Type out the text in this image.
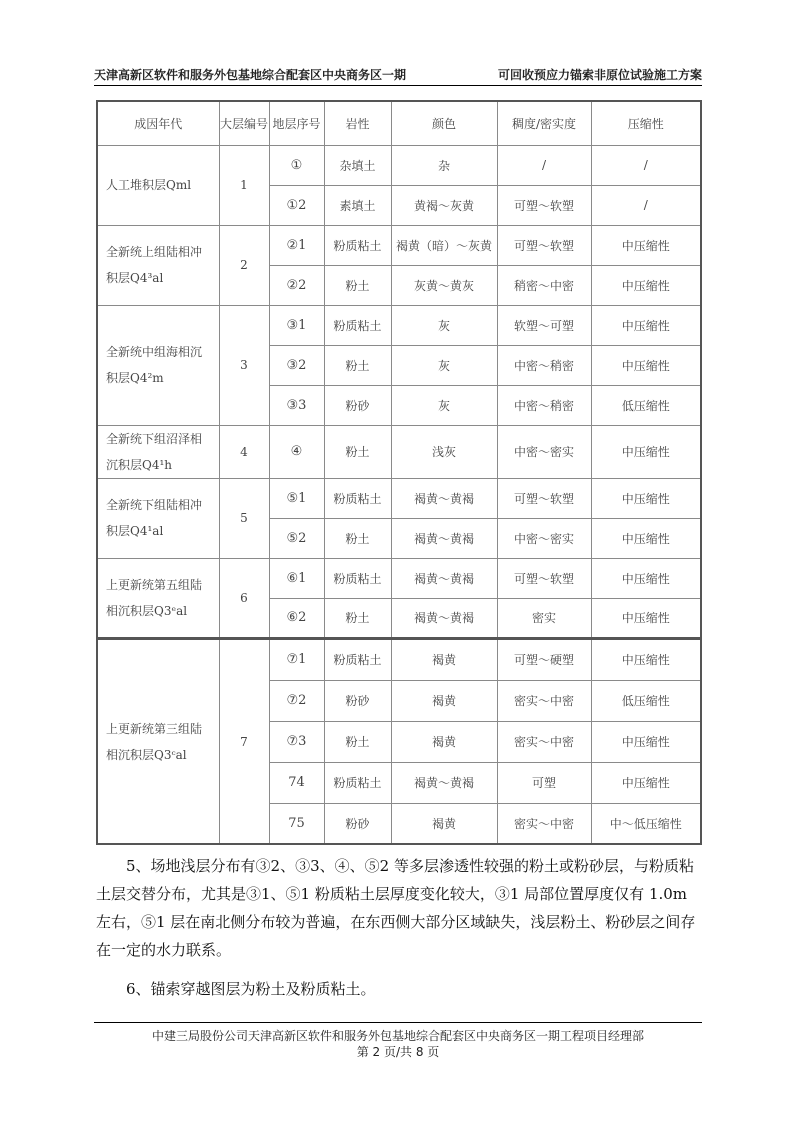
天津高新区软件和服务外包基地综合配套区中央商务区一期	可回收预应力锚索非原位试验施工方案
成因年代	大层编号	地层序号	岩性	颜色	稠度/密实度	压缩性
人工堆积层Qml	1	①	杂填土	杂	/	/
		①2	素填土	黄褐～灰黄	可塑～软塑	/
全新统上组陆相冲积层Q4³al	2	②1	粉质粘土	褐黄（暗）～灰黄	可塑～软塑	中压缩性
		②2	粉土	灰黄～黄灰	稍密～中密	中压缩性
全新统中组海相沉积层Q4²m	3	③1	粉质粘土	灰	软塑～可塑	中压缩性
		③2	粉土	灰	中密～稍密	中压缩性
		③3	粉砂	灰	中密～稍密	低压缩性
全新统下组沼泽相沉积层Q4¹h	4	④	粉土	浅灰	中密～密实	中压缩性
全新统下组陆相冲积层Q4¹al	5	⑤1	粉质粘土	褐黄～黄褐	可塑～软塑	中压缩性
		⑤2	粉土	褐黄～黄褐	中密～密实	中压缩性
上更新统第五组陆相沉积层Q3ᵉal	6	⑥1	粉质粘土	褐黄～黄褐	可塑～软塑	中压缩性
		⑥2	粉土	褐黄～黄褐	密实	中压缩性
上更新统第三组陆相沉积层Q3ᶜal	7	⑦1	粉质粘土	褐黄	可塑～硬塑	中压缩性
		⑦2	粉砂	褐黄	密实～中密	低压缩性
		⑦3	粉土	褐黄	密实～中密	中压缩性
		74	粉质粘土	褐黄～黄褐	可塑	中压缩性
		75	粉砂	褐黄	密实～中密	中～低压缩性
5、场地浅层分布有③2、③3、④、⑤2 等多层渗透性较强的粉土或粉砂层，与粉质粘土层交替分布，尤其是③1、⑤1 粉质粘土层厚度变化较大，③1 局部位置厚度仅有 1.0m 左右，⑤1 层在南北侧分布较为普遍，在东西侧大部分区域缺失，浅层粉土、粉砂层之间存在一定的水力联系。
6、锚索穿越图层为粉土及粉质粘土。
中建三局股份公司天津高新区软件和服务外包基地综合配套区中央商务区一期工程项目经理部
第 2 页/共 8 页
